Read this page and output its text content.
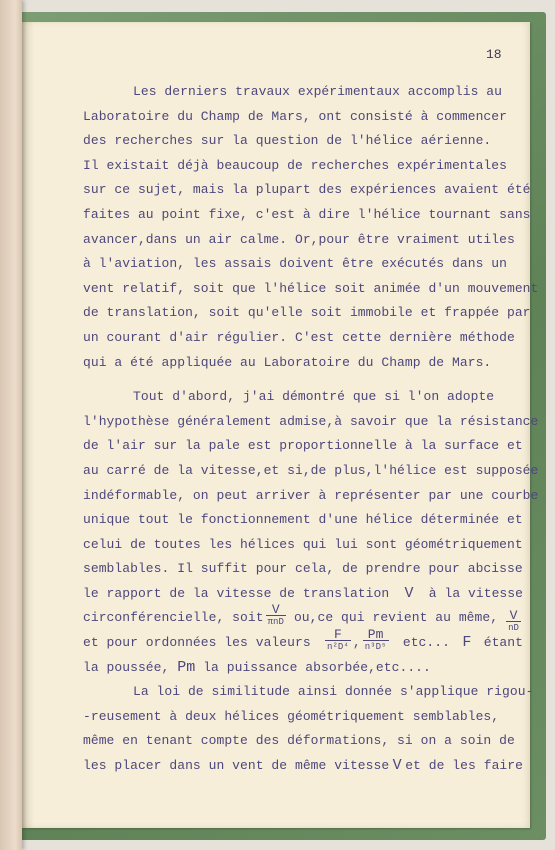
18
Les derniers travaux expérimentaux accomplis au
Laboratoire du Champ de Mars, ont consisté à commencer
des recherches sur la question de l'hélice aérienne.
Il existait déjà beaucoup de recherches expérimentales
sur ce sujet, mais la plupart des expériences avaient été
faites au point fixe, c'est à dire l'hélice tournant sans
avancer,dans un air calme. Or,pour être vraiment utiles
à l'aviation, les assais doivent être exécutés dans un
vent relatif, soit que l'hélice soit animée d'un mouvement
de translation, soit qu'elle soit immobile et frappée par
un courant d'air régulier. C'est cette dernière méthode
qui a été appliquée au Laboratoire du Champ de Mars.
Tout d'abord, j'ai démontré que si l'on adopte
l'hypothèse généralement admise,à savoir que la résistance
de l'air sur la pale est proportionnelle à la surface et
au carré de la vitesse,et si,de plus,l'hélice est supposée
indéformable, on peut arriver à représenter par une courbe
unique tout le fonctionnement d'une hélice déterminée et
celui de toutes les hélices qui lui sont géométriquement
semblables. Il suffit pour cela, de prendre pour abcisse
le rapport de la vitesse de translation V à la vitesse
circonférencielle, soit $\frac{V}{\text{πnD}} ou,ce$ qui revient au même, $\frac{V}{nD}$
et pour ordonnées les valeurs $\frac{F}{\text{n²D⁴}}$ , $\frac{Pm}{\text{n³D⁵}}$ etc... F étant
la poussée,
Pm
la puissance absorbée,etc....
La loi de similitude ainsi donnée s'applique rigou-
-reusement à deux hélices géométriquement semblables,
même en tenant compte des déformations, si on a soin de
les placer dans un vent de même vitesse V et de les faire
